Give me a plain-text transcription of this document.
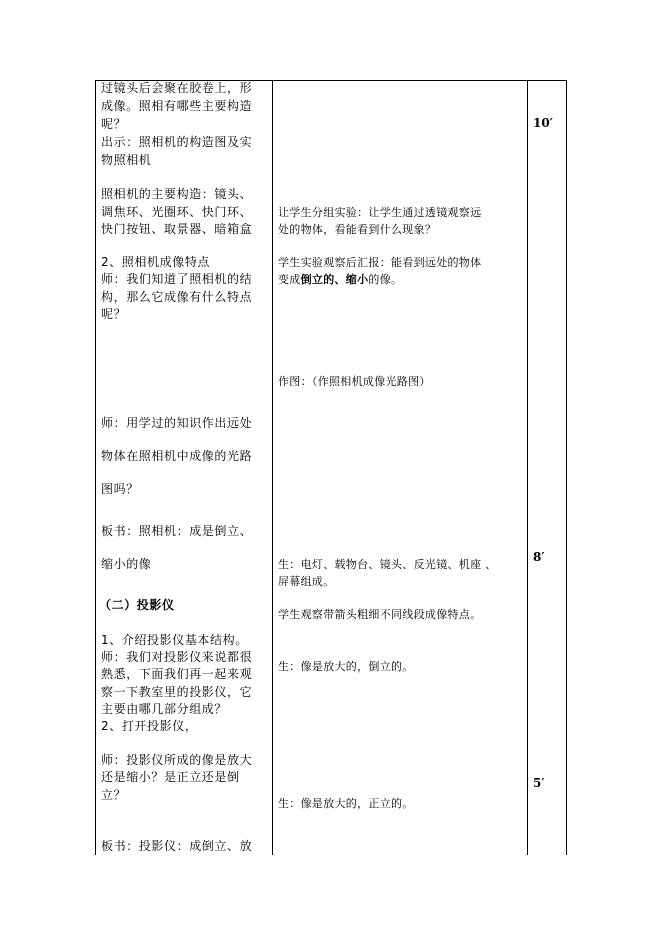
过镜头后会聚在胶卷上，形
成像。照相有哪些主要构造
呢？
出示：照相机的构造图及实
物照相机
照相机的主要构造：镜头、
调焦环、光圈环、快门环、
快门按钮、取景器、暗箱盒
2、照相机成像特点
师：我们知道了照相机的结
构，那么它成像有什么特点
呢？
师：用学过的知识作出远处
物体在照相机中成像的光路
图吗？
板书：照相机：成是倒立、
缩小的像
（二）投影仪
1、介绍投影仪基本结构。
师：我们对投影仪来说都很
熟悉，下面我们再一起来观
察一下教室里的投影仪，它
主要由哪几部分组成？
2、打开投影仪，
师：投影仪所成的像是放大
还是缩小？是正立还是倒
立？
板书：投影仪：成倒立、放
让学生分组实验：让学生通过透镜观察远
处的物体，看能看到什么现象？
学生实验观察后汇报：能看到远处的物体
变成倒立的、缩小的像。
作图：（作照相机成像光路图）
生：电灯、载物台、镜头、反光镜、机座 、
屏幕组成。
学生观察带箭头粗细不同线段成像特点。
生：像是放大的，倒立的。
生：像是放大的，正立的。
10′
8′
5′
